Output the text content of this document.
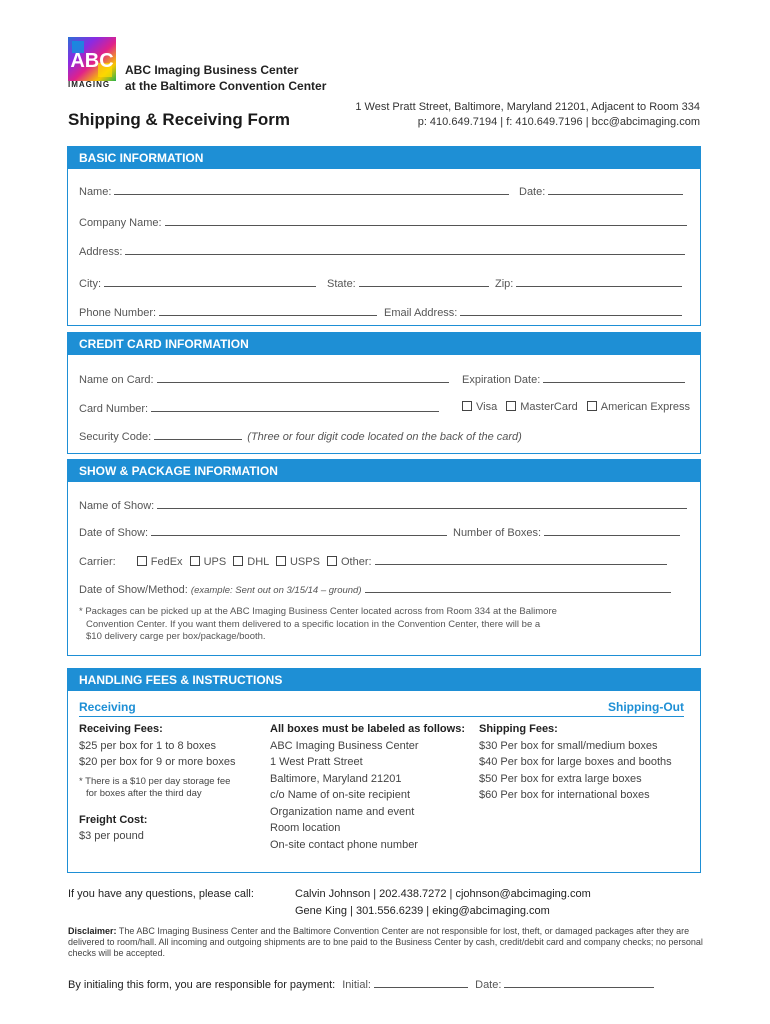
ABC
IMAGING
ABC Imaging Business Center
at the Baltimore Convention Center
Shipping & Receiving Form
1 West Pratt Street, Baltimore, Maryland 21201, Adjacent to Room 334
p: 410.649.7194 | f: 410.649.7196 | bcc@abcimaging.com
BASIC INFORMATION
Name:	Date:
Company Name:
Address:
City:	State:	Zip:
Phone Number:	Email Address:
CREDIT CARD INFORMATION
Name on Card:	Expiration Date:
Card Number:	Visa MasterCard American Express
Security Code:	(Three or four digit code located on the back of the card)
SHOW & PACKAGE INFORMATION
Name of Show:
Date of Show:	Number of Boxes:
Carrier:	FedEx UPS DHL USPS Other:
Date of Show/Method: (example: Sent out on 3/15/14 – ground)
* Packages can be picked up at the ABC Imaging Business Center located across from Room 334 at the Balimore
Convention Center. If you want them delivered to a specific location in the Convention Center, there will be a
$10 delivery carge per box/package/booth.
HANDLING FEES & INSTRUCTIONS
Receiving	Shipping-Out
Receiving Fees:
$25 per box for 1 to 8 boxes
$20 per box for 9 or more boxes
* There is a $10 per day storage fee
for boxes after the third day
Freight Cost:
$3 per pound
All boxes must be labeled as follows:
ABC Imaging Business Center
1 West Pratt Street
Baltimore, Maryland 21201
c/o Name of on-site recipient
Organization name and event
Room location
On-site contact phone number
Shipping Fees:
$30 Per box for small/medium boxes
$40 Per box for large boxes and booths
$50 Per box for extra large boxes
$60 Per box for international boxes
If you have any questions, please call:	Calvin Johnson | 202.438.7272 | cjohnson@abcimaging.com
Gene King | 301.556.6239 | eking@abcimaging.com
Disclaimer: The ABC Imaging Business Center and the Baltimore Convention Center are not responsible for lost, theft, or damaged packages after they are delivered to room/hall. All incoming and outgoing shipments are to bne paid to the Business Center by cash, credit/debit card and company checks; no personal checks will be accepted.
By initialing this form, you are responsible for payment: Initial:	Date:
